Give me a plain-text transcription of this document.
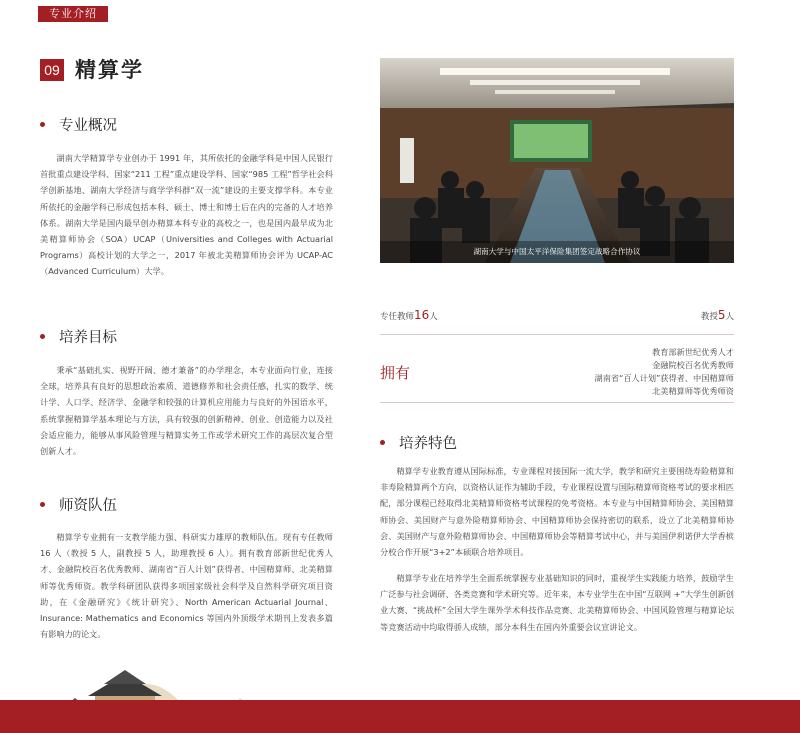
专业介绍
09 精算学
专业概况

湖南大学精算学专业创办于 1991 年，其所依托的金融学科是中国人民银行首批重点建设学科、国家“211 工程”重点建设学科、国家“985 工程”哲学社会科学创新基地、湖南大学经济与商学学科群“双一流”建设的主要支撑学科。本专业所依托的金融学科已形成包括本科、硕士、博士和博士后在内的完备的人才培养体系。湖南大学是国内最早创办精算本科专业的高校之一，也是国内最早成为北美精算师协会（SOA）UCAP（Universities and Colleges with Actuarial Programs）高校计划的大学之一，2017 年被北美精算师协会评为 UCAP-AC（Advanced Curriculum）大学。

培养目标

秉承“基础扎实、视野开阔、德才兼备”的办学理念，本专业面向行业，连接全球，培养具有良好的思想政治素质、道德修养和社会责任感，扎实的数学、统计学、人口学、经济学、金融学和较强的计算机应用能力与良好的外国语水平，系统掌握精算学基本理论与方法，具有较强的创新精神、创业、创造能力以及社会适应能力，能够从事风险管理与精算实务工作或学术研究工作的高层次复合型创新人才。

师资队伍

精算学专业拥有一支教学能力强、科研实力雄厚的教师队伍。现有专任教师 16 人（教授 5 人，副教授 5 人，助理教授 6 人）。拥有教育部新世纪优秀人才、金融院校百名优秀教师、湖南省“百人计划”获得者、中国精算师、北美精算师等优秀师资。教学科研团队获得多项国家级社会科学及自然科学研究项目资助，在《金融研究》《统计研究》、North American Actuarial Journal、Insurance: Mathematics and Economics 等国内外顶级学术期刊上发表多篇有影响力的论文。

湖南大学与中国太平洋保险集团签定战略合作协议
专任教师16人	教授5人
拥有
教育部新世纪优秀人才
金融院校百名优秀教师
湖南省“百人计划”获得者、中国精算师
北美精算师等优秀师资
培养特色

精算学专业教育遵从国际标准，专业课程对接国际一流大学，教学和研究主要围绕寿险精算和非寿险精算两个方向，以资格认证作为辅助手段，专业课程设置与国际精算师资格考试的要求相匹配，部分课程已经取得北美精算师资格考试课程的免考资格。本专业与中国精算师协会、美国精算师协会、美国财产与意外险精算师协会、中国精算师协会保持密切的联系，设立了北美精算师协会、美国财产与意外险精算师协会、中国精算师协会等精算考试中心，并与美国伊利诺伊大学香槟分校合作开展“3+2”本硕联合培养项目。

精算学专业在培养学生全面系统掌握专业基础知识的同时，重视学生实践能力培养，鼓励学生广泛参与社会调研、各类竞赛和学术研究等。近年来，本专业学生在中国“互联网 +”大学生创新创业大赛、“挑战杯”全国大学生课外学术科技作品竞赛、北美精算师协会、中国风险管理与精算论坛等竞赛活动中均取得骄人成绩，部分本科生在国内外重要会议宣讲论文。
